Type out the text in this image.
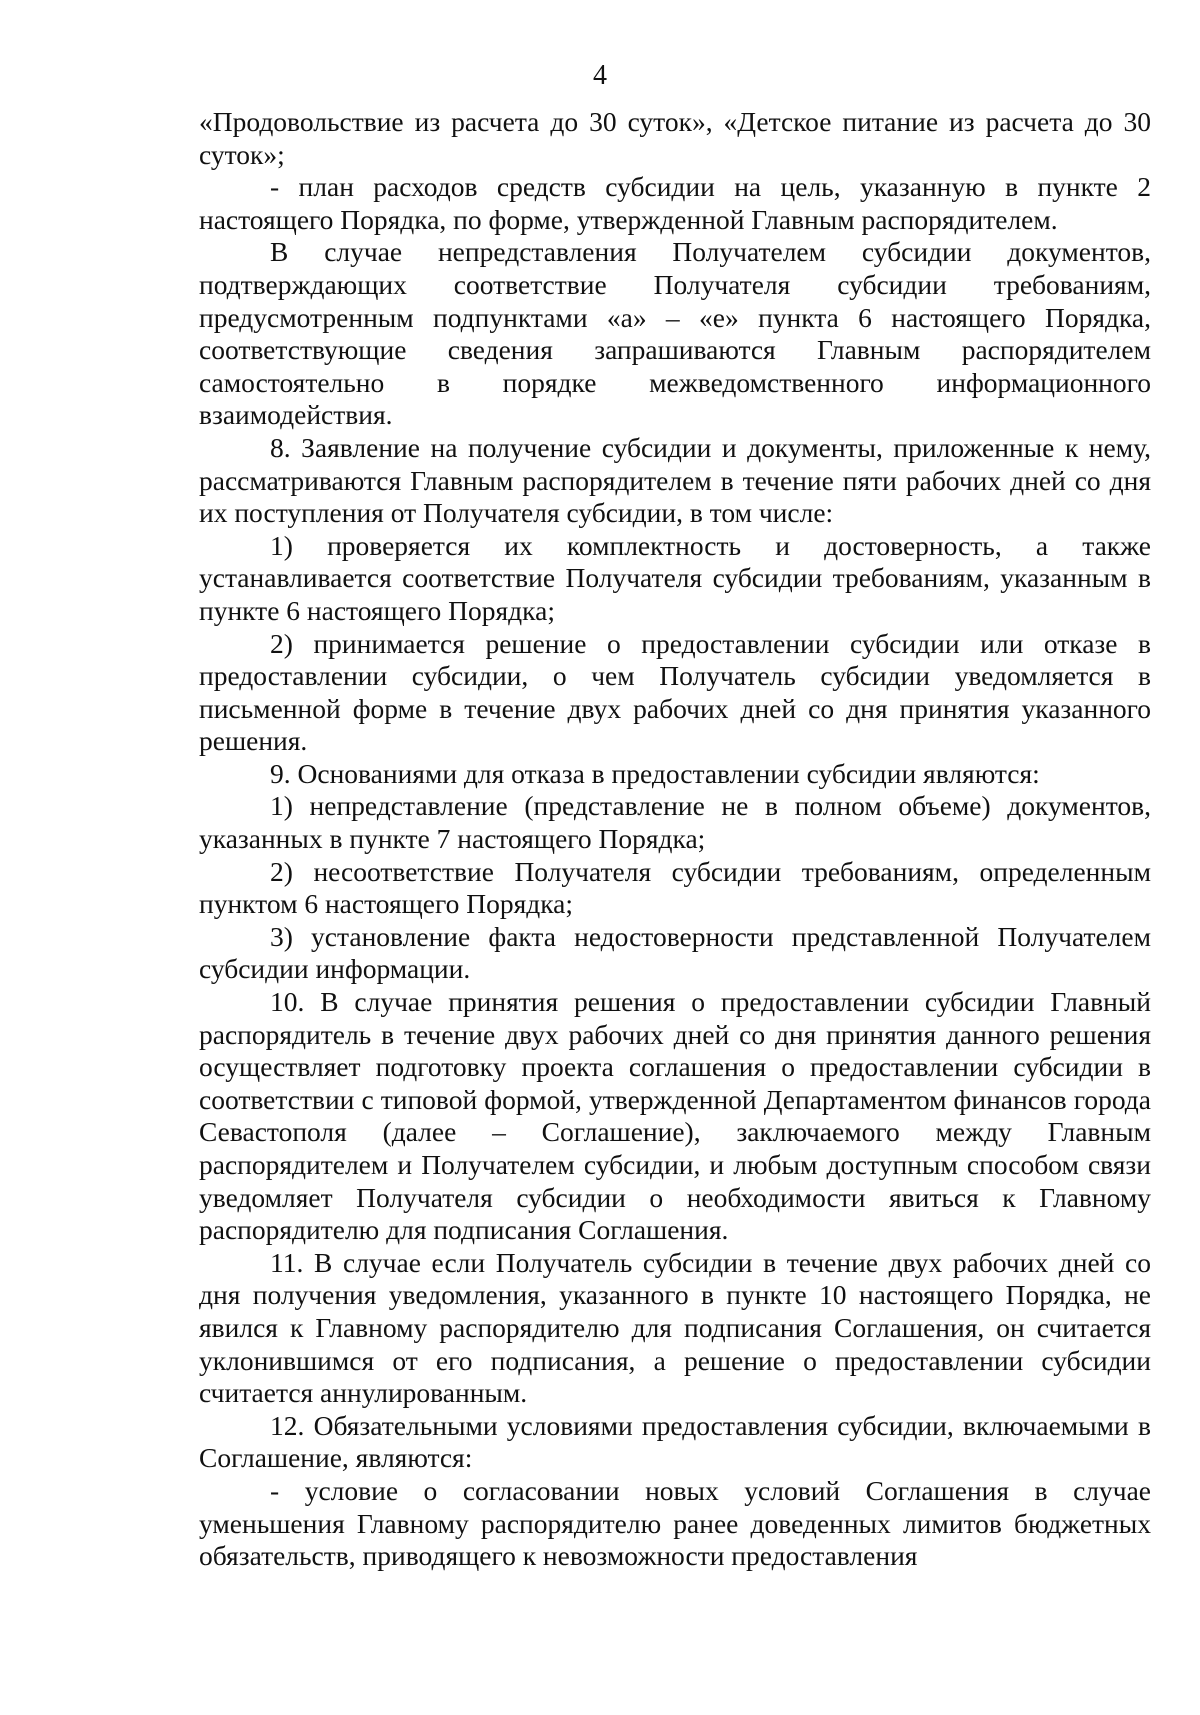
4

«Продовольствие из расчета до 30 суток», «Детское питание из расчета до 30 суток»;

- план расходов средств субсидии на цель, указанную в пункте 2 настоящего Порядка, по форме, утвержденной Главным распорядителем.

В случае непредставления Получателем субсидии документов, подтверждающих соответствие Получателя субсидии требованиям, предусмотренным подпунктами «а» – «е» пункта 6 настоящего Порядка, соответствующие сведения запрашиваются Главным распорядителем самостоятельно в порядке межведомственного информационного взаимодействия.

8. Заявление на получение субсидии и документы, приложенные к нему, рассматриваются Главным распорядителем в течение пяти рабочих дней со дня их поступления от Получателя субсидии, в том числе:

1) проверяется их комплектность и достоверность, а также устанавливается соответствие Получателя субсидии требованиям, указанным в пункте 6 настоящего Порядка;

2) принимается решение о предоставлении субсидии или отказе в предоставлении субсидии, о чем Получатель субсидии уведомляется в письменной форме в течение двух рабочих дней со дня принятия указанного решения.

9. Основаниями для отказа в предоставлении субсидии являются:

1) непредставление (представление не в полном объеме) документов, указанных в пункте 7 настоящего Порядка;

2) несоответствие Получателя субсидии требованиям, определенным пунктом 6 настоящего Порядка;

3) установление факта недостоверности представленной Получателем субсидии информации.

10. В случае принятия решения о предоставлении субсидии Главный распорядитель в течение двух рабочих дней со дня принятия данного решения осуществляет подготовку проекта соглашения о предоставлении субсидии в соответствии с типовой формой, утвержденной Департаментом финансов города Севастополя (далее – Соглашение), заключаемого между Главным распорядителем и Получателем субсидии, и любым доступным способом связи уведомляет Получателя субсидии о необходимости явиться к Главному распорядителю для подписания Соглашения.

11. В случае если Получатель субсидии в течение двух рабочих дней со дня получения уведомления, указанного в пункте 10 настоящего Порядка, не явился к Главному распорядителю для подписания Соглашения, он считается уклонившимся от его подписания, а решение о предоставлении субсидии считается аннулированным.

12. Обязательными условиями предоставления субсидии, включаемыми в Соглашение, являются:

- условие о согласовании новых условий Соглашения в случае уменьшения Главному распорядителю ранее доведенных лимитов бюджетных обязательств, приводящего к невозможности предоставления
